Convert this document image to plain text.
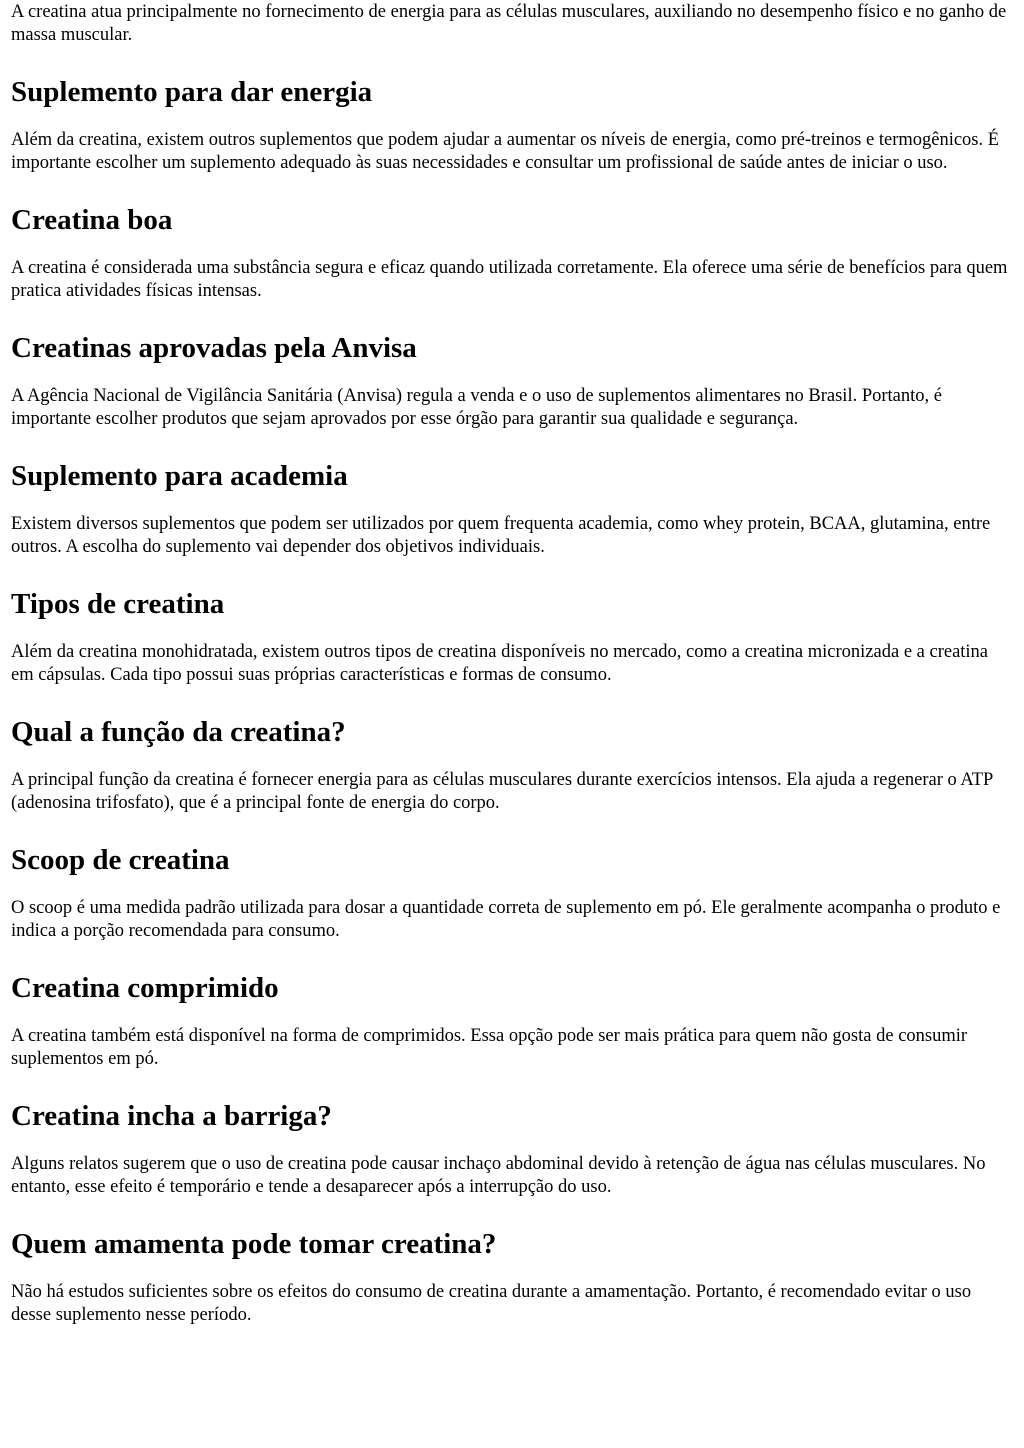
A creatina atua principalmente no fornecimento de energia para as células musculares, auxiliando no desempenho físico e no ganho de massa muscular.

Suplemento para dar energia

Além da creatina, existem outros suplementos que podem ajudar a aumentar os níveis de energia, como pré-treinos e termogênicos. É importante escolher um suplemento adequado às suas necessidades e consultar um profissional de saúde antes de iniciar o uso.

Creatina boa

A creatina é considerada uma substância segura e eficaz quando utilizada corretamente. Ela oferece uma série de benefícios para quem pratica atividades físicas intensas.

Creatinas aprovadas pela Anvisa

A Agência Nacional de Vigilância Sanitária (Anvisa) regula a venda e o uso de suplementos alimentares no Brasil. Portanto, é importante escolher produtos que sejam aprovados por esse órgão para garantir sua qualidade e segurança.

Suplemento para academia

Existem diversos suplementos que podem ser utilizados por quem frequenta academia, como whey protein, BCAA, glutamina, entre outros. A escolha do suplemento vai depender dos objetivos individuais.

Tipos de creatina

Além da creatina monohidratada, existem outros tipos de creatina disponíveis no mercado, como a creatina micronizada e a creatina em cápsulas. Cada tipo possui suas próprias características e formas de consumo.

Qual a função da creatina?

A principal função da creatina é fornecer energia para as células musculares durante exercícios intensos. Ela ajuda a regenerar o ATP (adenosina trifosfato), que é a principal fonte de energia do corpo.

Scoop de creatina

O scoop é uma medida padrão utilizada para dosar a quantidade correta de suplemento em pó. Ele geralmente acompanha o produto e indica a porção recomendada para consumo.

Creatina comprimido

A creatina também está disponível na forma de comprimidos. Essa opção pode ser mais prática para quem não gosta de consumir suplementos em pó.

Creatina incha a barriga?

Alguns relatos sugerem que o uso de creatina pode causar inchaço abdominal devido à retenção de água nas células musculares. No entanto, esse efeito é temporário e tende a desaparecer após a interrupção do uso.

Quem amamenta pode tomar creatina?

Não há estudos suficientes sobre os efeitos do consumo de creatina durante a amamentação. Portanto, é recomendado evitar o uso desse suplemento nesse período.
